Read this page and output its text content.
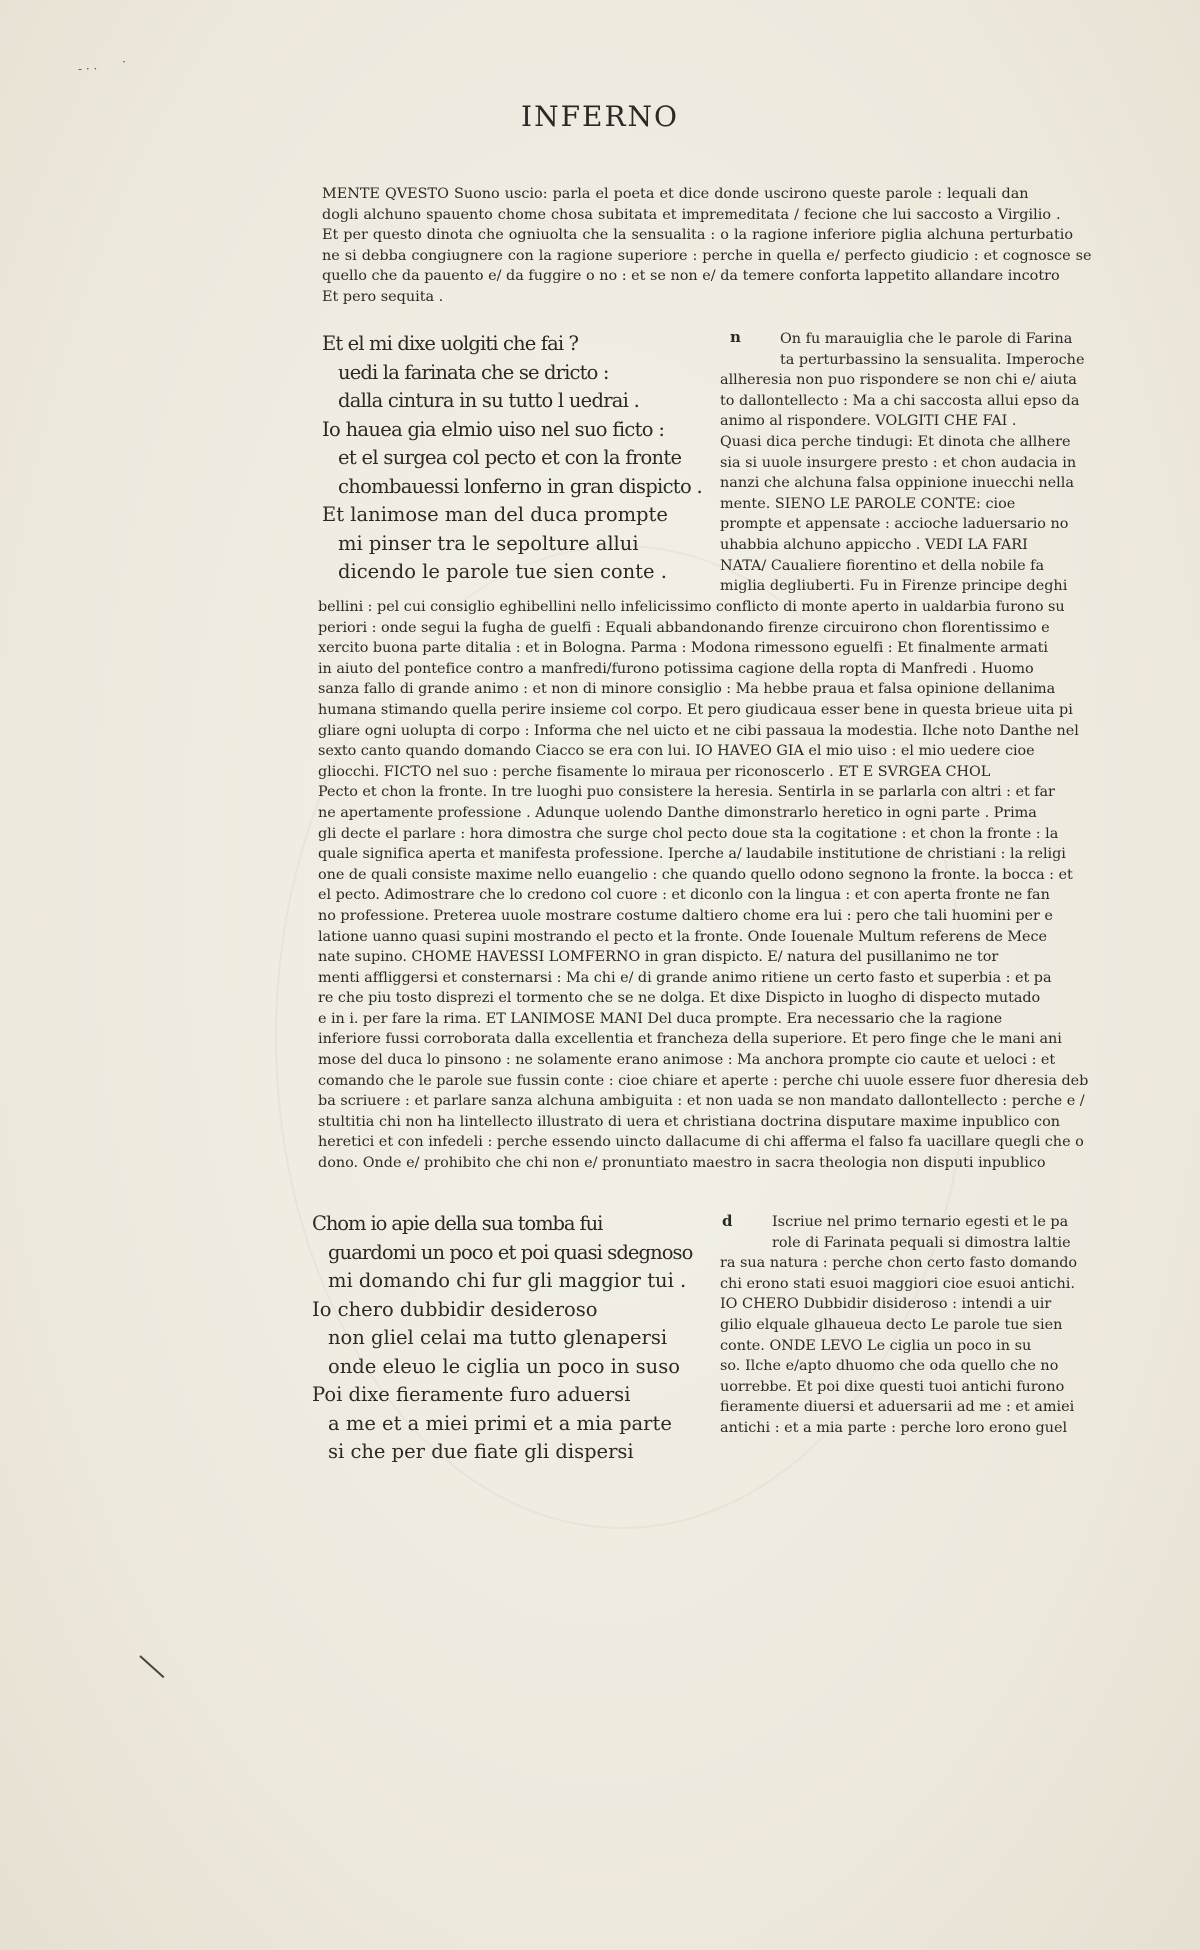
- · · ·
INFERNO

MENTE QVESTO Suono uscio: parla el poeta et dice donde uscirono queste parole : lequali dan

dogli alchuno spauento chome chosa subitata et impremeditata / fecione che lui saccosto a Virgilio .

Et per questo dinota che ogniuolta che la sensualita : o la ragione inferiore piglia alchuna perturbatio

ne si debba congiugnere con la ragione superiore : perche in quella e/ perfecto giudicio : et cognosce se

quello che da pauento e/ da fuggire o no : et se non e/ da temere conforta lappetito allandare incotro

Et pero sequita .

Et el mi dixe uolgiti che fai ?

uedi la farinata che se dricto :

dalla cintura in su tutto l uedrai .

Io hauea gia elmio uiso nel suo ficto :

et el surgea col pecto et con la fronte

chombauessi lonferno in gran dispicto .

Et lanimose man del duca prompte

mi pinser tra le sepolture allui

dicendo le parole tue sien conte .

n	On fu marauiglia che le parole di Farina

ta perturbassino la sensualita. Imperoche

allheresia non puo rispondere se non chi e/ aiuta

to dallontellecto : Ma a chi saccosta allui epso da

animo al rispondere. VOLGITI CHE FAI .

Quasi dica perche tindugi: Et dinota che allhere

sia si uuole insurgere presto : et chon audacia in

nanzi che alchuna falsa oppinione inuecchi nella

mente. SIENO LE PAROLE CONTE: cioe

prompte et appensate : accioche laduersario no

uhabbia alchuno appiccho . VEDI LA FARI

NATA/ Caualiere fiorentino et della nobile fa

miglia degliuberti. Fu in Firenze principe deghi

bellini : pel cui consiglio eghibellini nello infelicissimo conflicto di monte aperto in ualdarbia furono su

periori : onde segui la fugha de guelfi : Equali abbandonando firenze circuirono chon florentissimo e

xercito buona parte ditalia : et in Bologna. Parma : Modona rimessono eguelfi : Et finalmente armati

in aiuto del pontefice contro a manfredi/furono potissima cagione della ropta di Manfredi . Huomo

sanza fallo di grande animo : et non di minore consiglio : Ma hebbe praua et falsa opinione dellanima

humana stimando quella perire insieme col corpo. Et pero giudicaua esser bene in questa brieue uita pi

gliare ogni uolupta di corpo : Informa che nel uicto et ne cibi passaua la modestia. Ilche noto Danthe nel

sexto canto quando domando Ciacco se era con lui. IO HAVEO GIA el mio uiso : el mio uedere cioe

gliocchi. FICTO nel suo : perche fisamente lo miraua per riconoscerlo . ET E SVRGEA CHOL

Pecto et chon la fronte. In tre luoghi puo consistere la heresia. Sentirla in se parlarla con altri : et far

ne apertamente professione . Adunque uolendo Danthe dimonstrarlo heretico in ogni parte . Prima

gli decte el parlare : hora dimostra che surge chol pecto doue sta la cogitatione : et chon la fronte : la

quale significa aperta et manifesta professione. Iperche a/ laudabile institutione de christiani : la religi

one de quali consiste maxime nello euangelio : che quando quello odono segnono la fronte. la bocca : et

el pecto. Adimostrare che lo credono col cuore : et diconlo con la lingua : et con aperta fronte ne fan

no professione. Preterea uuole mostrare costume daltiero chome era lui : pero che tali huomini per e

latione uanno quasi supini mostrando el pecto et la fronte. Onde Iouenale Multum referens de Mece

nate supino. CHOME HAVESSI LOMFERNO in gran dispicto. E/ natura del pusillanimo ne tor

menti affliggersi et consternarsi : Ma chi e/ di grande animo ritiene un certo fasto et superbia : et pa

re che piu tosto disprezi el tormento che se ne dolga. Et dixe Dispicto in luogho di dispecto mutado

e in i. per fare la rima. ET LANIMOSE MANI Del duca prompte. Era necessario che la ragione

inferiore fussi corroborata dalla excellentia et francheza della superiore. Et pero finge che le mani ani

mose del duca lo pinsono : ne solamente erano animose : Ma anchora prompte cio caute et ueloci : et

comando che le parole sue fussin conte : cioe chiare et aperte : perche chi uuole essere fuor dheresia deb

ba scriuere : et parlare sanza alchuna ambiguita : et non uada se non mandato dallontellecto : perche e /

stultitia chi non ha lintellecto illustrato di uera et christiana doctrina disputare maxime inpublico con

heretici et con infedeli : perche essendo uincto dallacume di chi afferma el falso fa uacillare quegli che o

dono. Onde e/ prohibito che chi non e/ pronuntiato maestro in sacra theologia non disputi inpublico

Chom io apie della sua tomba fui

guardomi un poco et poi quasi sdegnoso

mi domando chi fur gli maggior tui .

Io chero dubbidir desideroso

non gliel celai ma tutto glenapersi

onde eleuo le ciglia un poco in suso

Poi dixe fieramente furo aduersi

a me et a miei primi et a mia parte

si che per due fiate gli dispersi

d	Iscriue nel primo ternario egesti et le pa

role di Farinata pequali si dimostra laltie

ra sua natura : perche chon certo fasto domando

chi erono stati esuoi maggiori cioe esuoi antichi.

IO CHERO Dubbidir disideroso : intendi a uir

gilio elquale glhaueua decto Le parole tue sien

conte. ONDE LEVO Le ciglia un poco in su

so. Ilche e/apto dhuomo che oda quello che no

uorrebbe. Et poi dixe questi tuoi antichi furono

fieramente diuersi et aduersarii ad me : et amiei

antichi : et a mia parte : perche loro erono guel
